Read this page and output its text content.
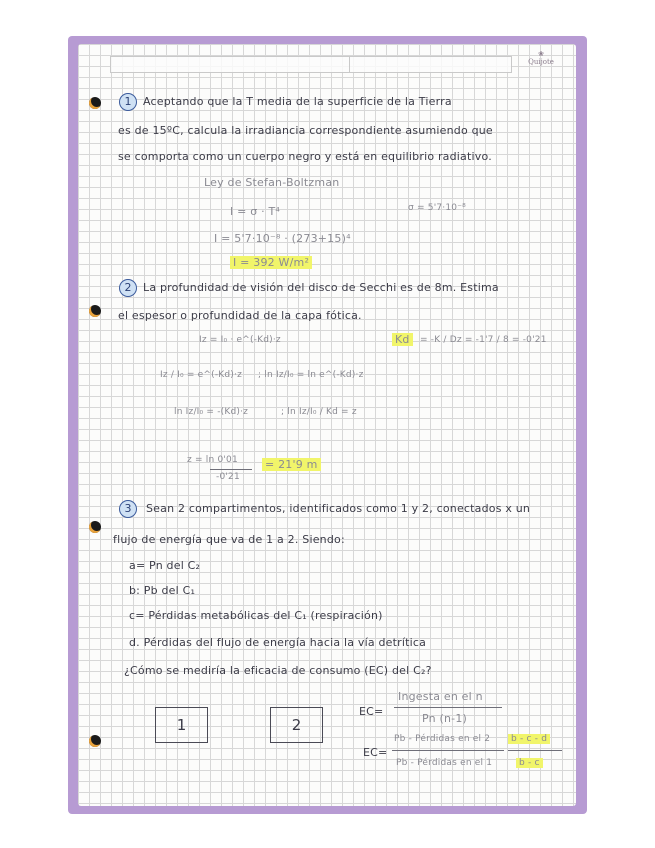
❀
Quijote
1	Aceptando que la T media de la superficie de la Tierra
es de 15ºC, calcula la irradiancia correspondiente asumiendo que
se comporta como un cuerpo negro y está en equilibrio radiativo.
Ley de Stefan-Boltzman
I = σ · T⁴	σ = 5'7·10⁻⁸
I = 5'7·10⁻⁸ · (273+15)⁴
I = 392 W/m²
2	La profundidad de visión del disco de Secchi es de 8m. Estima
el espesor o profundidad de la capa fótica.
Iz = I₀ · e^(-Kd)·z	Kd	= -K / Dz = -1'7 / 8 = -0'21
Iz / I₀ = e^(-Kd)·z ; ln Iz/I₀ = ln e^(-Kd)·z
ln Iz/I₀ = -(Kd)·z	; ln Iz/I₀ / Kd = z
z = ln 0'01
-0'21
= 21'9 m
3	Sean 2 compartimentos, identificados como 1 y 2, conectados x un
flujo de energía que va de 1 a 2. Siendo:
a= Pn del C₂
b: Pb del C₁
c= Pérdidas metabólicas del C₁ (respiración)
d. Pérdidas del flujo de energía hacia la vía detrítica
¿Cómo se mediría la eficacia de consumo (EC) del C₂?
1	2
EC=
Ingesta en el n
Pn (n-1)
EC=
Pb - Pérdidas en el 2
Pb - Pérdidas en el 1
b - c - d
b - c
